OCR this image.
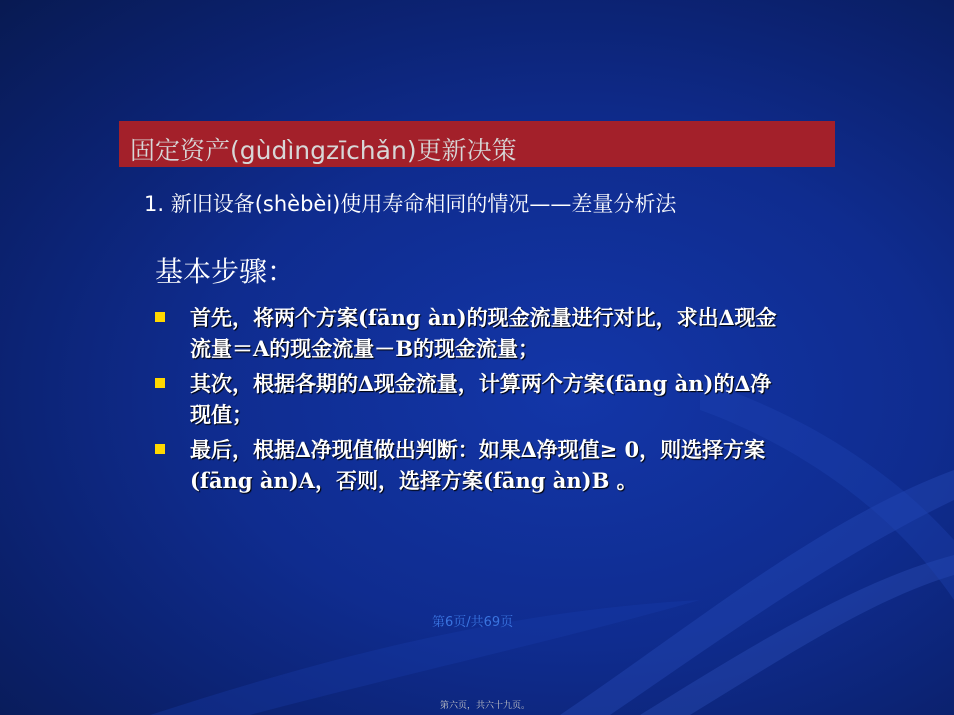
固定资产(gùdìngzīchǎn)更新决策
1. 新旧设备(shèbèi)使用寿命相同的情况——差量分析法
基本步骤：
首先，将两个方案(fāng àn)的现金流量进行对比，求出∆现金流量＝A的现金流量－B的现金流量；
其次，根据各期的∆现金流量，计算两个方案(fāng àn)的∆净现值；
最后，根据∆净现值做出判断：如果∆净现值≥ 0，则选择方案(fāng àn)A，否则，选择方案(fāng àn)B 。
第6页/共69页
第六页，共六十九页。
